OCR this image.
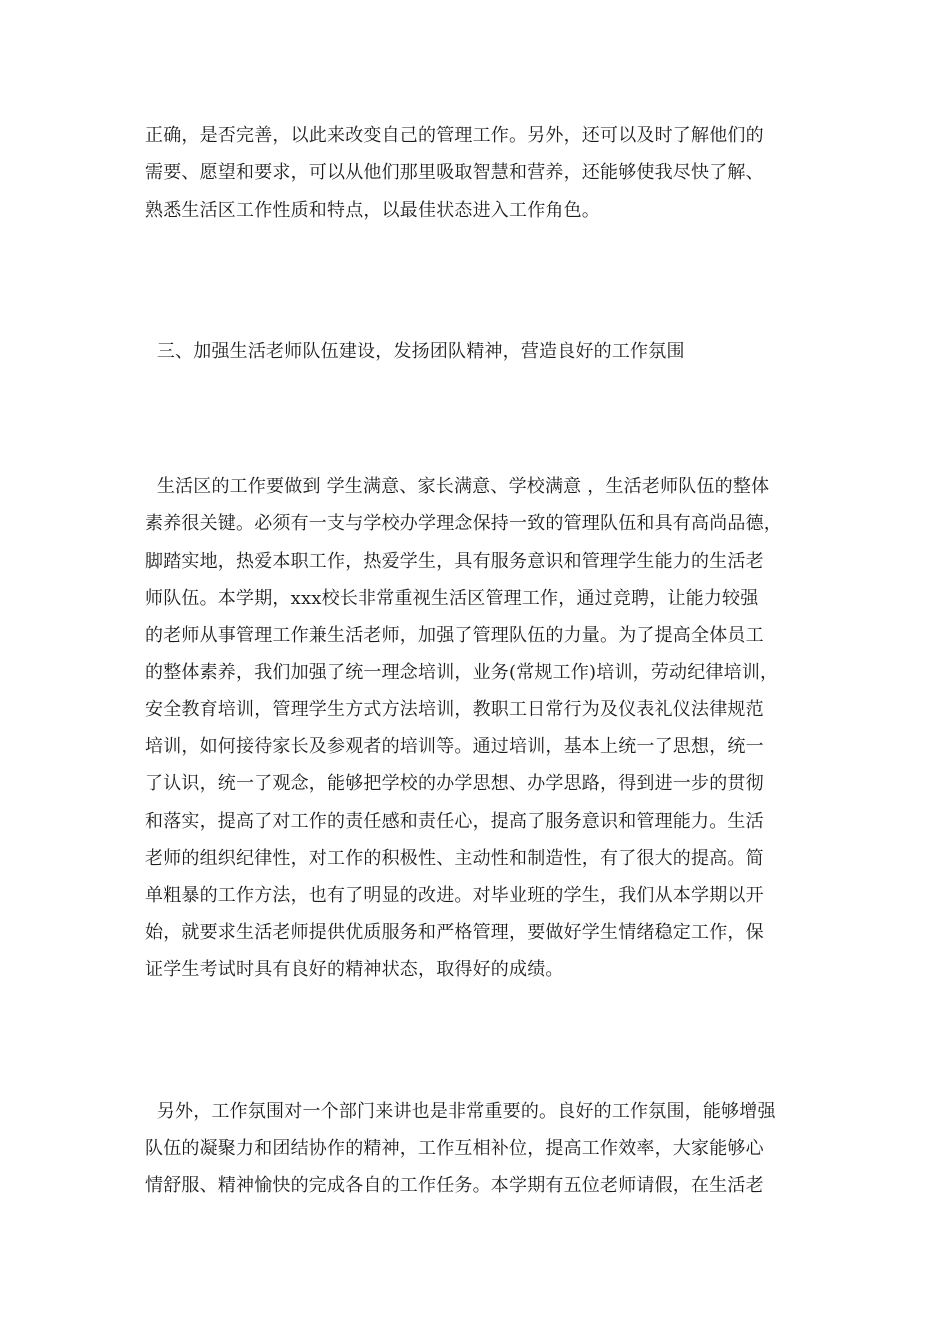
正确，是否完善，以此来改变自己的管理工作。另外，还可以及时了解他们的
需要、愿望和要求，可以从他们那里吸取智慧和营养，还能够使我尽快了解、
熟悉生活区工作性质和特点，以最佳状态进入工作角色。
三、加强生活老师队伍建设，发扬团队精神，营造良好的工作氛围
生活区的工作要做到 学生满意、家长满意、学校满意 ，生活老师队伍的整体
素养很关键。必须有一支与学校办学理念保持一致的管理队伍和具有高尚品德，
脚踏实地，热爱本职工作，热爱学生，具有服务意识和管理学生能力的生活老
师队伍。本学期，xxx校长非常重视生活区管理工作，通过竞聘，让能力较强
的老师从事管理工作兼生活老师，加强了管理队伍的力量。为了提高全体员工
的整体素养，我们加强了统一理念培训，业务(常规工作)培训，劳动纪律培训，
安全教育培训，管理学生方式方法培训，教职工日常行为及仪表礼仪法律规范
培训，如何接待家长及参观者的培训等。通过培训，基本上统一了思想，统一
了认识，统一了观念，能够把学校的办学思想、办学思路，得到进一步的贯彻
和落实，提高了对工作的责任感和责任心，提高了服务意识和管理能力。生活
老师的组织纪律性，对工作的积极性、主动性和制造性，有了很大的提高。简
单粗暴的工作方法，也有了明显的改进。对毕业班的学生，我们从本学期以开
始，就要求生活老师提供优质服务和严格管理，要做好学生情绪稳定工作，保
证学生考试时具有良好的精神状态，取得好的成绩。
另外，工作氛围对一个部门来讲也是非常重要的。良好的工作氛围，能够增强
队伍的凝聚力和团结协作的精神，工作互相补位，提高工作效率，大家能够心
情舒服、精神愉快的完成各自的工作任务。本学期有五位老师请假，在生活老
